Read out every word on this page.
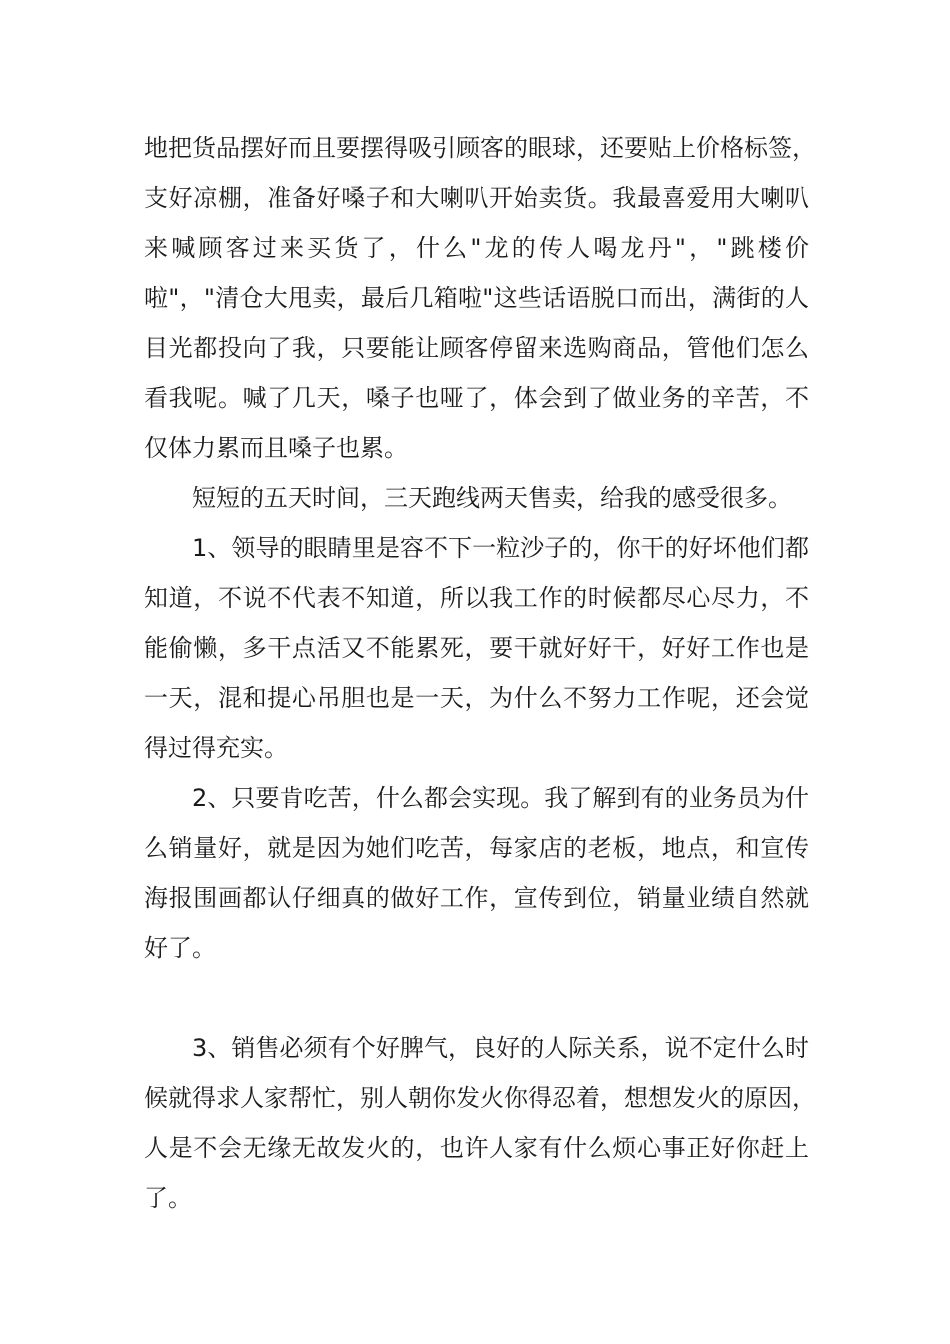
地把货品摆好而且要摆得吸引顾客的眼球，还要贴上价格标签，
支好凉棚，准备好嗓子和大喇叭开始卖货。我最喜爱用大喇叭
来喊顾客过来买货了，什么"龙的传人喝龙丹"，"跳楼价
啦"，"清仓大甩卖，最后几箱啦"这些话语脱口而出，满街的人
目光都投向了我，只要能让顾客停留来选购商品，管他们怎么
看我呢。喊了几天，嗓子也哑了，体会到了做业务的辛苦，不
仅体力累而且嗓子也累。
短短的五天时间，三天跑线两天售卖，给我的感受很多。
1、领导的眼睛里是容不下一粒沙子的，你干的好坏他们都
知道，不说不代表不知道，所以我工作的时候都尽心尽力，不
能偷懒，多干点活又不能累死，要干就好好干，好好工作也是
一天，混和提心吊胆也是一天，为什么不努力工作呢，还会觉
得过得充实。
2、只要肯吃苦，什么都会实现。我了解到有的业务员为什
么销量好，就是因为她们吃苦，每家店的老板，地点，和宣传
海报围画都认仔细真的做好工作，宣传到位，销量业绩自然就
好了。
3、销售必须有个好脾气，良好的人际关系，说不定什么时
候就得求人家帮忙，别人朝你发火你得忍着，想想发火的原因，
人是不会无缘无故发火的，也许人家有什么烦心事正好你赶上
了。
